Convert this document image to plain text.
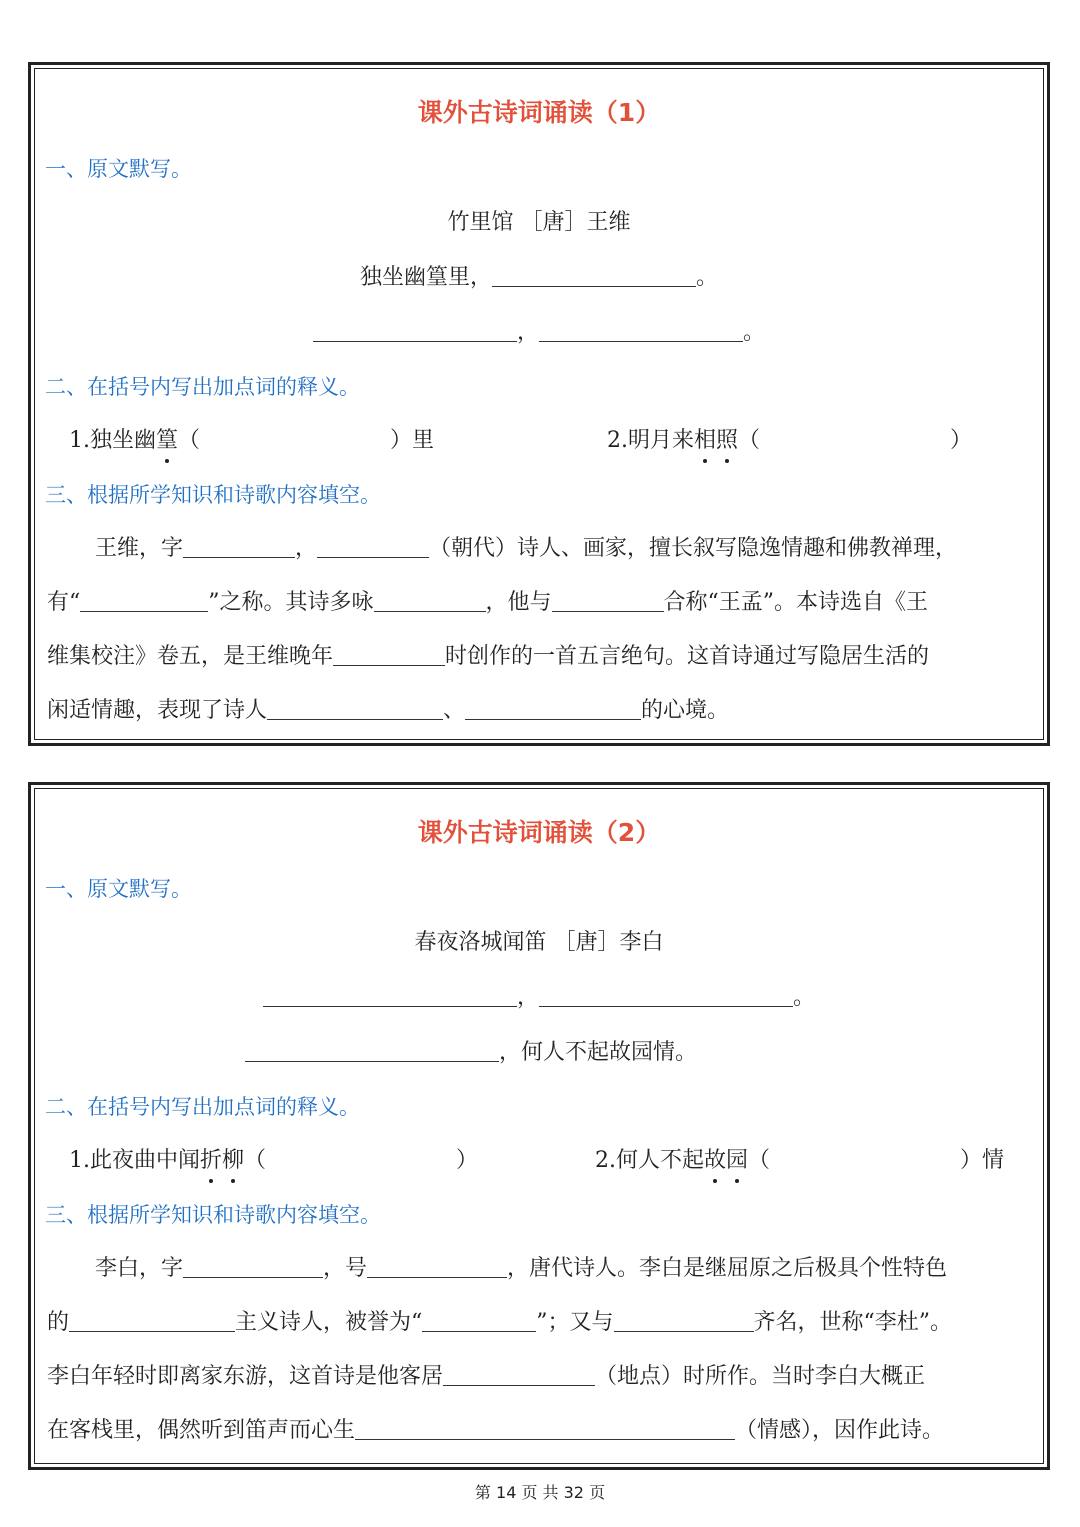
课外古诗词诵读（1）
一、原文默写。
竹里馆 ［唐］王维
独坐幽篁里，	。
，	。
二、在括号内写出加点词的释义。
1.独坐幽篁（	）里	2.明月来相照（	）
三、根据所学知识和诗歌内容填空。
王维，字	，	（朝代）诗人、画家，擅长叙写隐逸情趣和佛教禅理，
有“	”之称。其诗多咏	，他与	合称“王孟”。本诗选自《王
维集校注》卷五，是王维晚年	时创作的一首五言绝句。这首诗通过写隐居生活的
闲适情趣，表现了诗人	、	的心境。
课外古诗词诵读（2）
一、原文默写。
春夜洛城闻笛 ［唐］李白
，	。
，何人不起故园情。
二、在括号内写出加点词的释义。
1.此夜曲中闻折柳（	）	2.何人不起故园（	）情
三、根据所学知识和诗歌内容填空。
李白，字	，号	，唐代诗人。李白是继屈原之后极具个性特色
的	主义诗人，被誉为“	”；又与	齐名，世称“李杜”。
李白年轻时即离家东游，这首诗是他客居	（地点）时所作。当时李白大概正
在客栈里，偶然听到笛声而心生	（情感），因作此诗。
第 14 页 共 32 页
